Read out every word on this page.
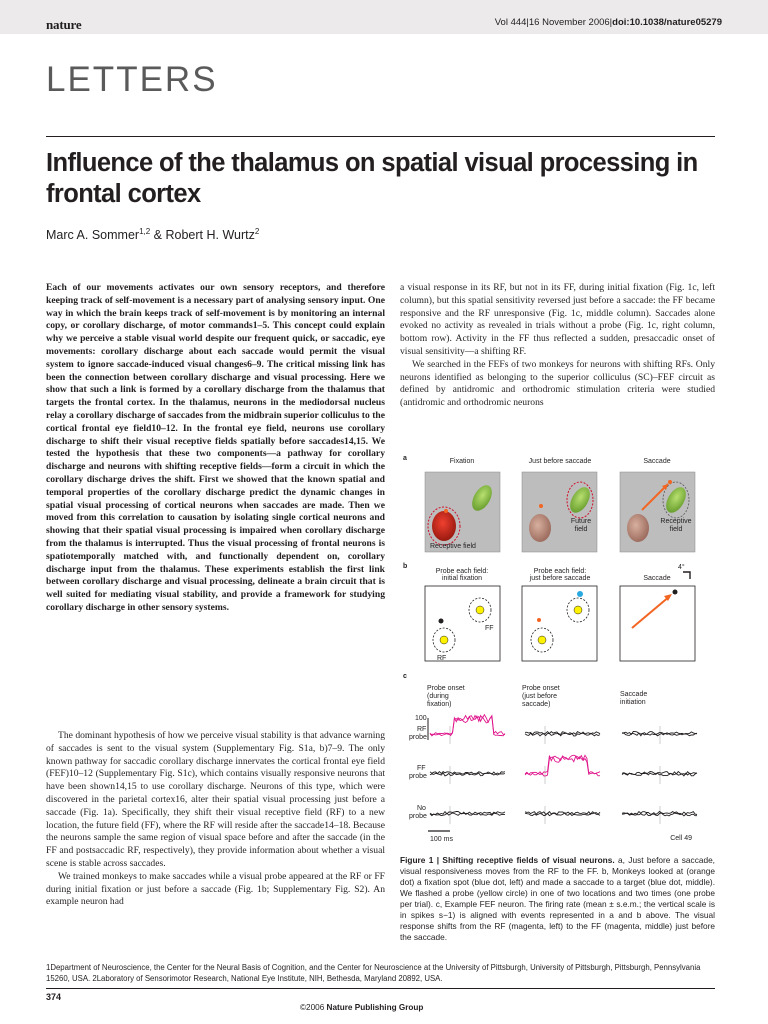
nature	Vol 444|16 November 2006|doi:10.1038/nature05279
LETTERS
Influence of the thalamus on spatial visual processing in frontal cortex
Marc A. Sommer$^{1,2}$ & Robert H. Wurtz$^2$

Each of our movements activates our own sensory receptors, and therefore keeping track of self-movement is a necessary part of analysing sensory input. One way in which the brain keeps track of self-movement is by monitoring an internal copy, or corollary discharge, of motor commands1–5. This concept could explain why we perceive a stable visual world despite our frequent quick, or saccadic, eye movements: corollary discharge about each saccade would permit the visual system to ignore saccade-induced visual changes6–9. The critical missing link has been the connection between corollary discharge and visual processing. Here we show that such a link is formed by a corollary discharge from the thalamus that targets the frontal cortex. In the thalamus, neurons in the mediodorsal nucleus relay a corollary discharge of saccades from the midbrain superior colliculus to the cortical frontal eye field10–12. In the frontal eye field, neurons use corollary discharge to shift their visual receptive fields spatially before saccades14,15. We tested the hypothesis that these two components—a pathway for corollary discharge and neurons with shifting receptive fields—form a circuit in which the corollary discharge drives the shift. First we showed that the known spatial and temporal properties of the corollary discharge predict the dynamic changes in spatial visual processing of cortical neurons when saccades are made. Then we moved from this correlation to causation by isolating single cortical neurons and showing that their spatial visual processing is impaired when corollary discharge from the thalamus is interrupted. Thus the visual processing of frontal neurons is spatiotemporally matched with, and functionally dependent on, corollary discharge input from the thalamus. These experiments establish the first link between corollary discharge and visual processing, delineate a brain circuit that is well suited for mediating visual stability, and provide a framework for studying corollary discharge in other sensory systems.

The dominant hypothesis of how we perceive visual stability is that advance warning of saccades is sent to the visual system (Supplementary Fig. S1a, b)7–9. The only known pathway for saccadic corollary discharge innervates the cortical frontal eye field (FEF)10–12 (Supplementary Fig. S1c), which contains visually responsive neurons that have been shown14,15 to use corollary discharge. Neurons of this type, which were discovered in the parietal cortex16, alter their spatial visual processing just before a saccade (Fig. 1a). Specifically, they shift their visual receptive field (RF) to a new location, the future field (FF), where the RF will reside after the saccade14–18. Because the neurons sample the same region of visual space before and after the saccade (in the FF and postsaccadic RF, respectively), they provide information about whether a visual scene is stable across saccades.

We trained monkeys to make saccades while a visual probe appeared at the RF or FF during initial fixation or just before a saccade (Fig. 1b; Supplementary Fig. S2). An example neuron had

a visual response in its RF, but not in its FF, during initial fixation (Fig. 1c, left column), but this spatial sensitivity reversed just before a saccade: the FF became responsive and the RF unresponsive (Fig. 1c, middle column). Saccades alone evoked no activity as revealed in trials without a probe (Fig. 1c, right column, bottom row). Activity in the FF thus reflected a sudden, presaccadic onset of visual sensitivity—a shifting RF.

We searched in the FEFs of two monkeys for neurons with shifting RFs. Only neurons identified as belonging to the superior colliculus (SC)–FEF circuit as defined by antidromic and orthodromic stimulation criteria were studied (antidromic and orthodromic neurons

a
b
c
Fixation	Just before saccade	Saccade
Receptive field
Future
field
Receptive
field
Probe each field:
initial fixation
Probe each field:
just before saccade	Saccade
4°
FF
RF
Probe onset
(during
fixation)
Probe onset
(just before
saccade)
Saccade
initiation
100
RF
probe
FF
probe
No
probe
100 ms	Cell 49
Figure 1 | Shifting receptive fields of visual neurons. a, Just before a saccade, visual responsiveness moves from the RF to the FF. b, Monkeys looked at (orange dot) a fixation spot (blue dot, left) and made a saccade to a target (blue dot, middle). We flashed a probe (yellow circle) in one of two locations and two times (one probe per trial). c, Example FEF neuron. The firing rate (mean ± s.e.m.; the vertical scale is in spikes s−1) is aligned with events represented in a and b above. The visual response shifts from the RF (magenta, left) to the FF (magenta, middle) just before the saccade.
1Department of Neuroscience, the Center for the Neural Basis of Cognition, and the Center for Neuroscience at the University of Pittsburgh, University of Pittsburgh, Pittsburgh, Pennsylvania 15260, USA. 2Laboratory of Sensorimotor Research, National Eye Institute, NIH, Bethesda, Maryland 20892, USA.
374
©2006 Nature Publishing Group
